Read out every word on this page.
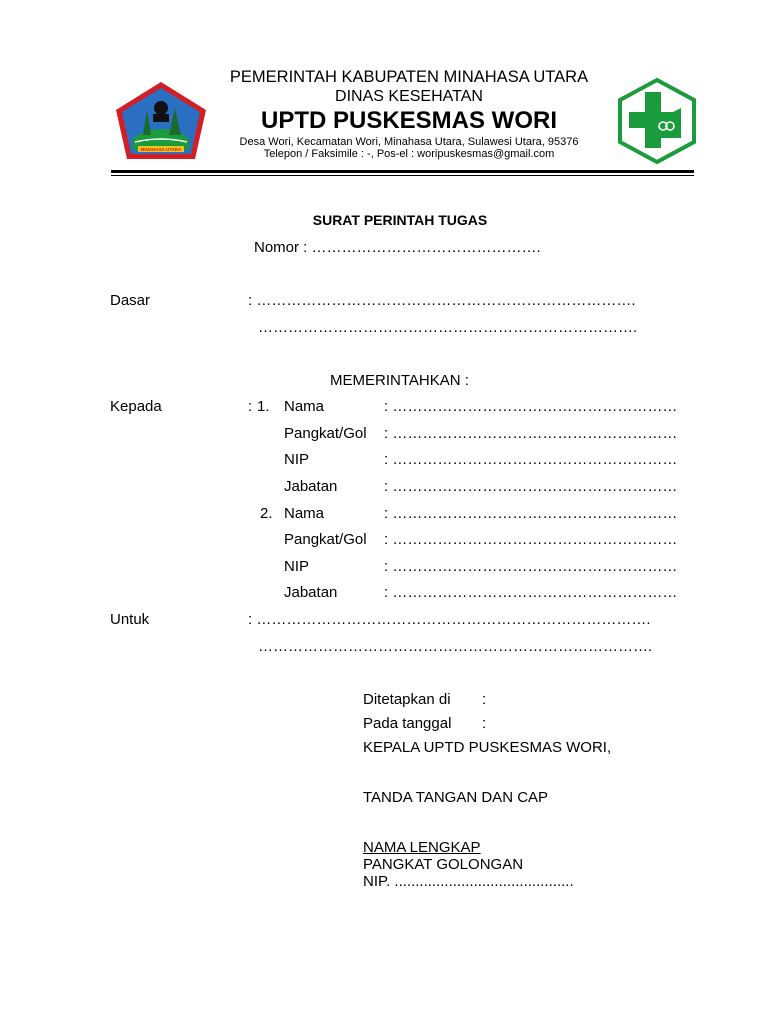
MINAHASA UTARA
PEMERINTAH KABUPATEN MINAHASA UTARA
DINAS KESEHATAN
UPTD PUSKESMAS WORI
Desa Wori, Kecamatan Wori, Minahasa Utara, Sulawesi Utara, 95376
Telepon / Faksimile : -, Pos-el : woripuskesmas@gmail.com
SURAT PERINTAH TUGAS
Nomor : ……………………………………….
Dasar	: ………………………………………………………………….
………………………………………………………………….
MEMERINTAHKAN :
Kepada	: 1. Nama	: …………………………………………………
Pangkat/Gol : …………………………………………………
NIP	: …………………………………………………
Jabatan	: …………………………………………………
2. Nama	: …………………………………………………
Pangkat/Gol : …………………………………………………
NIP	: …………………………………………………
Jabatan	: …………………………………………………
Untuk	: …………………………………………………………………….
…………………………………………………………………….
Ditetapkan di :
Pada tanggal :
KEPALA UPTD PUSKESMAS WORI,
TANDA TANGAN DAN CAP
NAMA LENGKAP
PANGKAT GOLONGAN
NIP. ...........................................
